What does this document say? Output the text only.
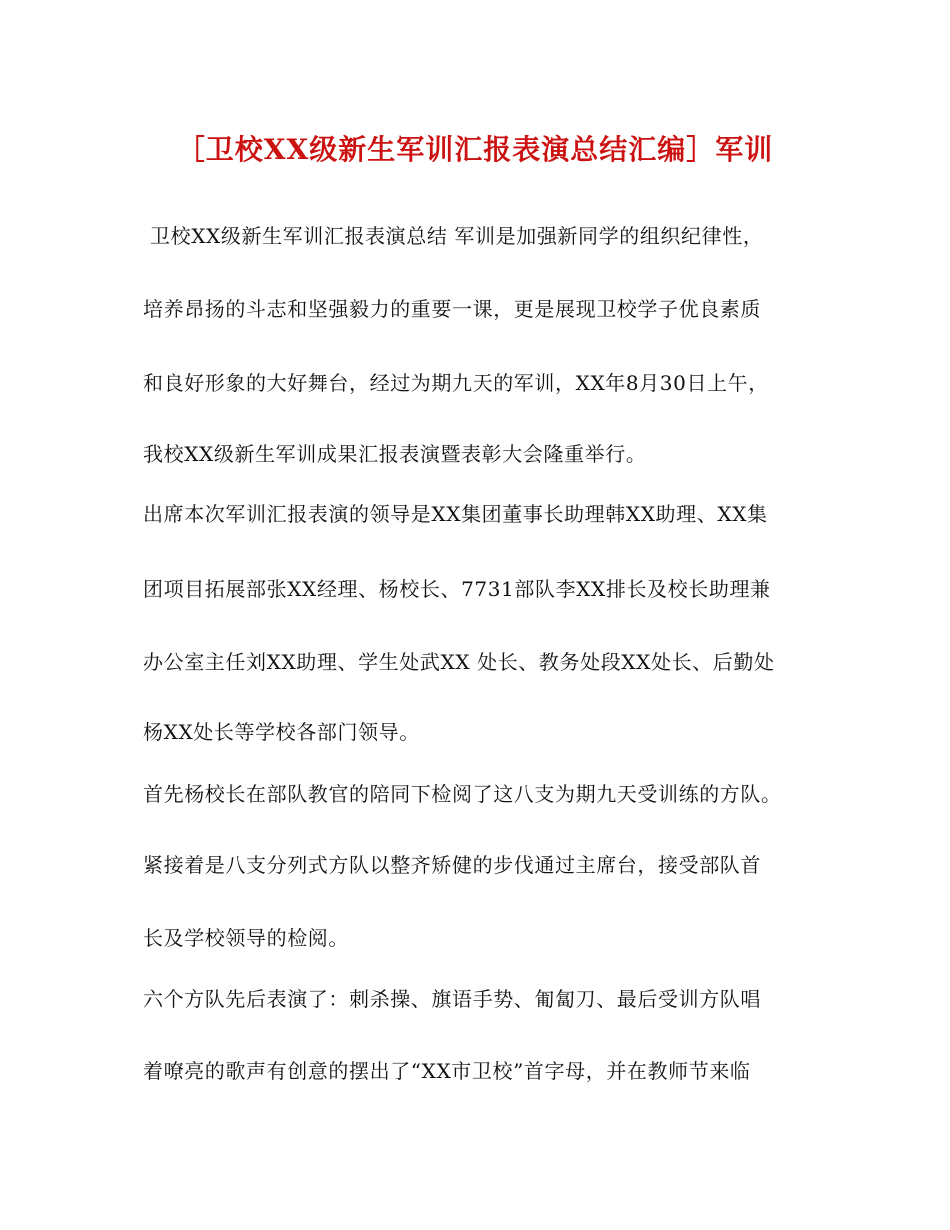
［卫校XX级新生军训汇报表演总结汇编］军训
卫校XX级新生军训汇报表演总结 军训是加强新同学的组织纪律性，
培养昂扬的斗志和坚强毅力的重要一课，更是展现卫校学子优良素质
和良好形象的大好舞台，经过为期九天的军训，XX年8月30日上午，
我校XX级新生军训成果汇报表演暨表彰大会隆重举行。
出席本次军训汇报表演的领导是XX集团董事长助理韩XX助理、XX集
团项目拓展部张XX经理、杨校长、7731部队李XX排长及校长助理兼
办公室主任刘XX助理、学生处武XX 处长、教务处段XX处长、后勤处
杨XX处长等学校各部门领导。
首先杨校长在部队教官的陪同下检阅了这八支为期九天受训练的方队。
紧接着是八支分列式方队以整齐矫健的步伐通过主席台，接受部队首
长及学校领导的检阅。
六个方队先后表演了：刺杀操、旗语手势、匍匐刀、最后受训方队唱
着嘹亮的歌声有创意的摆出了“XX市卫校”首字母，并在教师节来临
